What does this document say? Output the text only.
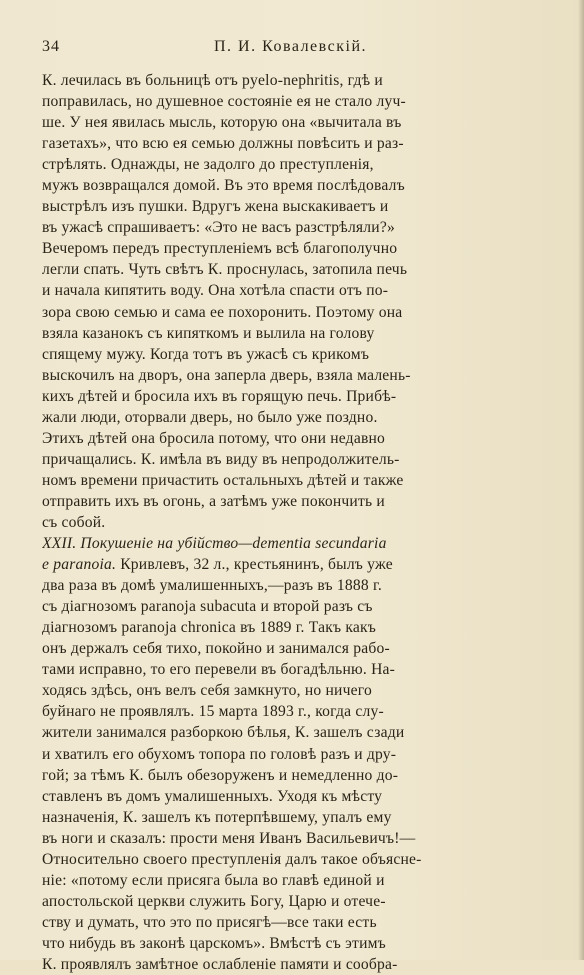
34	П. И. Ковалевскій.
К. лечилась въ больницѣ отъ pyelo-nephritis, гдѣ и
поправилась, но душевное состояніе ея не стало луч-
ше. У нея явилась мысль, которую она «вычитала въ
газетахъ», что всю ея семью должны повѣсить и раз-
стрѣлять. Однажды, не задолго до преступленія,
мужъ возвращался домой. Въ это время послѣдовалъ
выстрѣлъ изъ пушки. Вдругъ жена выскакиваетъ и
въ ужасѣ спрашиваетъ: «Это не васъ разстрѣляли?»
Вечеромъ передъ преступленіемъ всѣ благополучно
легли спать. Чуть свѣтъ К. проснулась, затопила печь
и начала кипятить воду. Она хотѣла спасти отъ по-
зора свою семью и сама ее похоронить. Поэтому она
взяла казанокъ съ кипяткомъ и вылила на голову
спящему мужу. Когда тотъ въ ужасѣ съ крикомъ
выскочилъ на дворъ, она заперла дверь, взяла малень-
кихъ дѣтей и бросила ихъ въ горящую печь. Прибѣ-
жали люди, оторвали дверь, но было уже поздно.
Этихъ дѣтей она бросила потому, что они недавно
причащались. К. имѣла въ виду въ непродолжитель-
номъ времени причастить остальныхъ дѣтей и также
отправить ихъ въ огонь, а затѣмъ уже покончить и
съ собой.
XXII. Покушеніе на убійство—dementia secundaria
e paranoia. Кривлевъ, 32 л., крестьянинъ, былъ уже
два раза въ домѣ умалишенныхъ,—разъ въ 1888 г.
съ діагнозомъ paranoja subacuta и второй разъ съ
діагнозомъ paranoja chronica въ 1889 г. Такъ какъ
онъ держалъ себя тихо, покойно и занимался рабо-
тами исправно, то его перевели въ богадѣльню. На-
ходясь здѣсь, онъ велъ себя замкнуто, но ничего
буйнаго не проявлялъ. 15 марта 1893 г., когда слу-
жители занимался разборкою бѣлья, К. зашелъ сзади
и хватилъ его обухомъ топора по головѣ разъ и дру-
гой; за тѣмъ К. былъ обезоруженъ и немедленно до-
ставленъ въ домъ умалишенныхъ. Уходя къ мѣсту
назначенія, К. зашелъ къ потерпѣвшему, упалъ ему
въ ноги и сказалъ: прости меня Иванъ Васильевичъ!—
Относительно своего преступленія далъ такое объясне-
ніе: «потому если присяга была во главѣ единой и
апостольской церкви служить Богу, Царю и отече-
ству и думать, что это по присягѣ—все таки есть
что нибудь въ законѣ царскомъ». Вмѣстѣ съ этимъ
К. проявлялъ замѣтное ослабленіе памяти и сообра-
